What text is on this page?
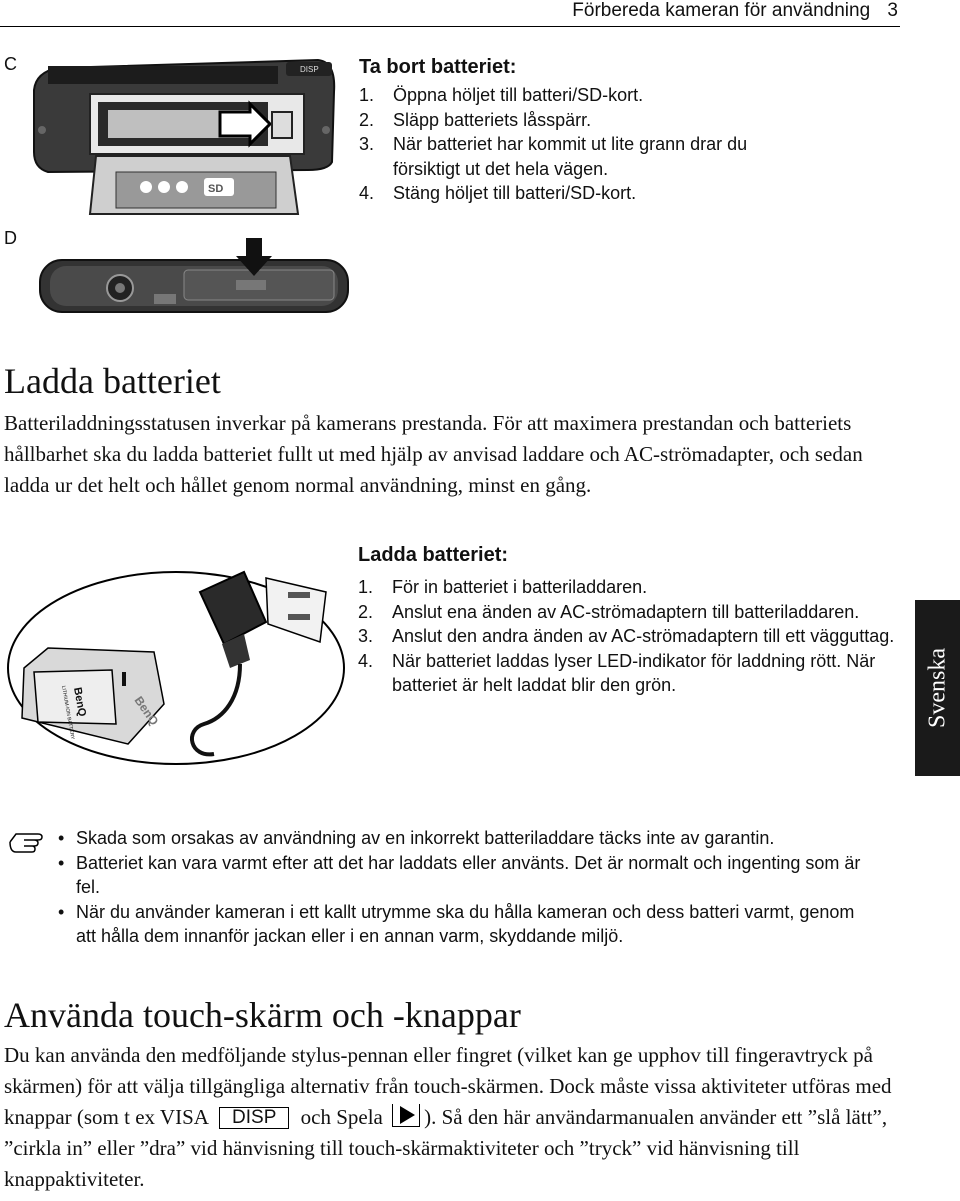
Förbereda kameran för användning 3
C
D
DISP
SD
Ta bort batteriet:
1.	Öppna höljet till batteri/SD-kort.
2.	Släpp batteriets låsspärr.
3.	När batteriet har kommit ut lite grann drar du försiktigt ut det hela vägen.
4.	Stäng höljet till batteri/SD-kort.
Ladda batteriet
Batteriladdningsstatusen inverkar på kamerans prestanda. För att maximera prestandan och batteriets hållbarhet ska du ladda batteriet fullt ut med hjälp av anvisad laddare och AC-strömadapter, och sedan ladda ur det helt och hållet genom normal användning, minst en gång.
BenQ
LITHIUM-ION BATTERY	BenQ
Ladda batteriet:
1.	För in batteriet i batteriladdaren.
2.	Anslut ena änden av AC-strömadaptern till batteriladdaren.
3.	Anslut den andra änden av AC-strömadaptern till ett vägguttag.
4.	När batteriet laddas lyser LED-indikator för laddning rött. När batteriet är helt laddat blir den grön.	Svenska
• Skada som orsakas av användning av en inkorrekt batteriladdare täcks inte av garantin.
• Batteriet kan vara varmt efter att det har laddats eller använts. Det är normalt och ingenting som är fel.
• När du använder kameran i ett kallt utrymme ska du hålla kameran och dess batteri varmt, genom att hålla dem innanför jackan eller i en annan varm, skyddande miljö.
Använda touch-skärm och -knappar
Du kan använda den medföljande stylus-pennan eller fingret (vilket kan ge upphov till fingeravtryck på skärmen) för att välja tillgängliga alternativ från touch-skärmen. Dock måste vissa aktiviteter utföras med knappar (som t ex VISA DISP och Spela ). Så den här användarmanualen använder ett ”slå lätt”, ”cirkla in” eller ”dra” vid hänvisning till touch-skärmaktiviteter och ”tryck” vid hänvisning till knappaktiviteter.
